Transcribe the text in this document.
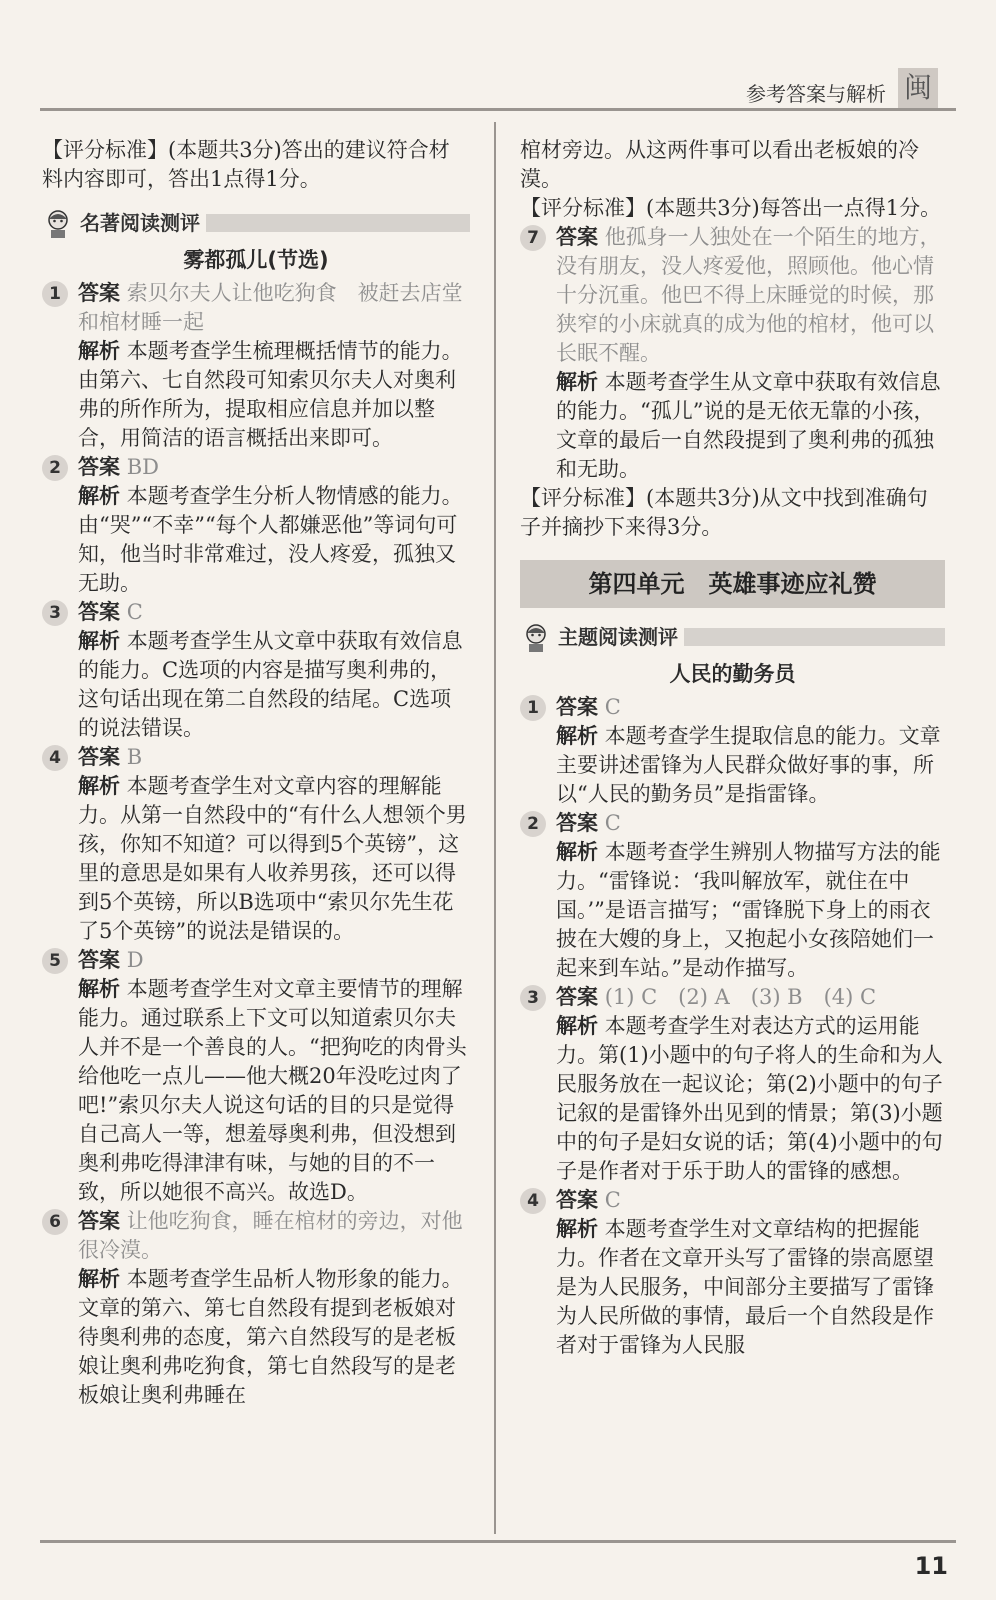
参考答案与解析 闽

【评分标准】(本题共3分)答出的建议符合材料内容即可，答出1点得1分。

名著阅读测评
雾都孤儿(节选)
1 答案 索贝尔夫人让他吃狗食　被赶去店堂和棺材睡一起

解析 本题考查学生梳理概括情节的能力。由第六、七自然段可知索贝尔夫人对奥利弗的所作所为，提取相应信息并加以整合，用简洁的语言概括出来即可。

2 答案 BD

解析 本题考查学生分析人物情感的能力。由“哭”“不幸”“每个人都嫌恶他”等词句可知，他当时非常难过，没人疼爱，孤独又无助。

3 答案 C

解析 本题考查学生从文章中获取有效信息的能力。C选项的内容是描写奥利弗的，这句话出现在第二自然段的结尾。C选项的说法错误。

4 答案 B

解析 本题考查学生对文章内容的理解能力。从第一自然段中的“有什么人想领个男孩，你知不知道？可以得到5个英镑”，这里的意思是如果有人收养男孩，还可以得到5个英镑，所以B选项中“索贝尔先生花了5个英镑”的说法是错误的。

5 答案 D

解析 本题考查学生对文章主要情节的理解能力。通过联系上下文可以知道索贝尔夫人并不是一个善良的人。“把狗吃的肉骨头给他吃一点儿——他大概20年没吃过肉了吧!”索贝尔夫人说这句话的目的只是觉得自己高人一等，想羞辱奥利弗，但没想到奥利弗吃得津津有味，与她的目的不一致，所以她很不高兴。故选D。

6 答案 让他吃狗食，睡在棺材的旁边，对他很冷漠。

解析 本题考查学生品析人物形象的能力。文章的第六、第七自然段有提到老板娘对待奥利弗的态度，第六自然段写的是老板娘让奥利弗吃狗食，第七自然段写的是老板娘让奥利弗睡在

棺材旁边。从这两件事可以看出老板娘的冷漠。

【评分标准】(本题共3分)每答出一点得1分。

7 答案 他孤身一人独处在一个陌生的地方，没有朋友，没人疼爱他，照顾他。他心情十分沉重。他巴不得上床睡觉的时候，那狭窄的小床就真的成为他的棺材，他可以长眠不醒。

解析 本题考查学生从文章中获取有效信息的能力。“孤儿”说的是无依无靠的小孩，文章的最后一自然段提到了奥利弗的孤独和无助。

【评分标准】(本题共3分)从文中找到准确句子并摘抄下来得3分。

第四单元 英雄事迹应礼赞
主题阅读测评
人民的勤务员
1 答案 C

解析 本题考查学生提取信息的能力。文章主要讲述雷锋为人民群众做好事的事，所以“人民的勤务员”是指雷锋。

2 答案 C

解析 本题考查学生辨别人物描写方法的能力。“雷锋说：‘我叫解放军，就住在中国。’”是语言描写；“雷锋脱下身上的雨衣披在大嫂的身上，又抱起小女孩陪她们一起来到车站。”是动作描写。

3 答案 (1) C　(2) A　(3) B　(4) C

解析 本题考查学生对表达方式的运用能力。第(1)小题中的句子将人的生命和为人民服务放在一起议论；第(2)小题中的句子记叙的是雷锋外出见到的情景；第(3)小题中的句子是妇女说的话；第(4)小题中的句子是作者对于乐于助人的雷锋的感想。

4 答案 C

解析 本题考查学生对文章结构的把握能力。作者在文章开头写了雷锋的崇高愿望是为人民服务，中间部分主要描写了雷锋为人民所做的事情，最后一个自然段是作者对于雷锋为人民服

11
